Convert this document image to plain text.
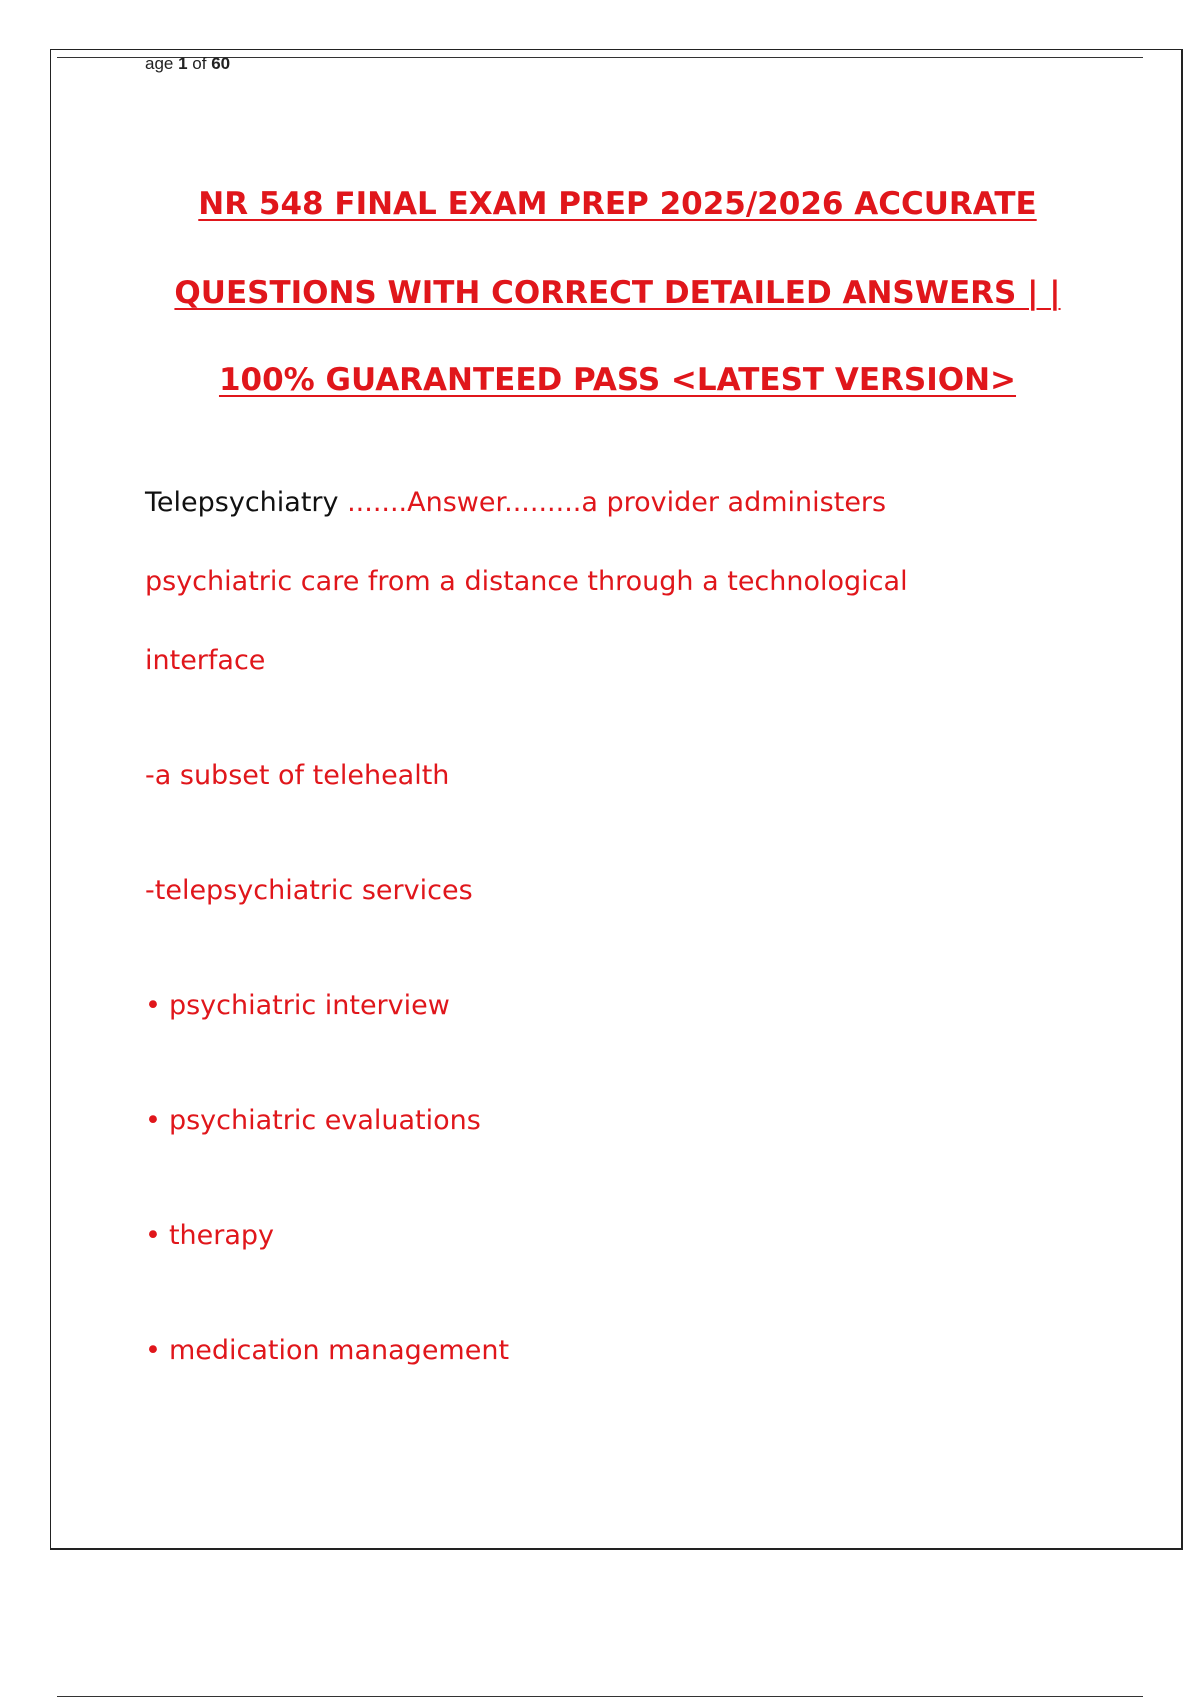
age 1 of 60
NR 548 FINAL EXAM PREP 2025/2026 ACCURATE
QUESTIONS WITH CORRECT DETAILED ANSWERS | |
100% GUARANTEED PASS <LATEST VERSION>
Telepsychiatry .......Answer.........a provider administers
psychiatric care from a distance through a technological
interface
-a subset of telehealth
-telepsychiatric services
• psychiatric interview
• psychiatric evaluations
• therapy
• medication management
